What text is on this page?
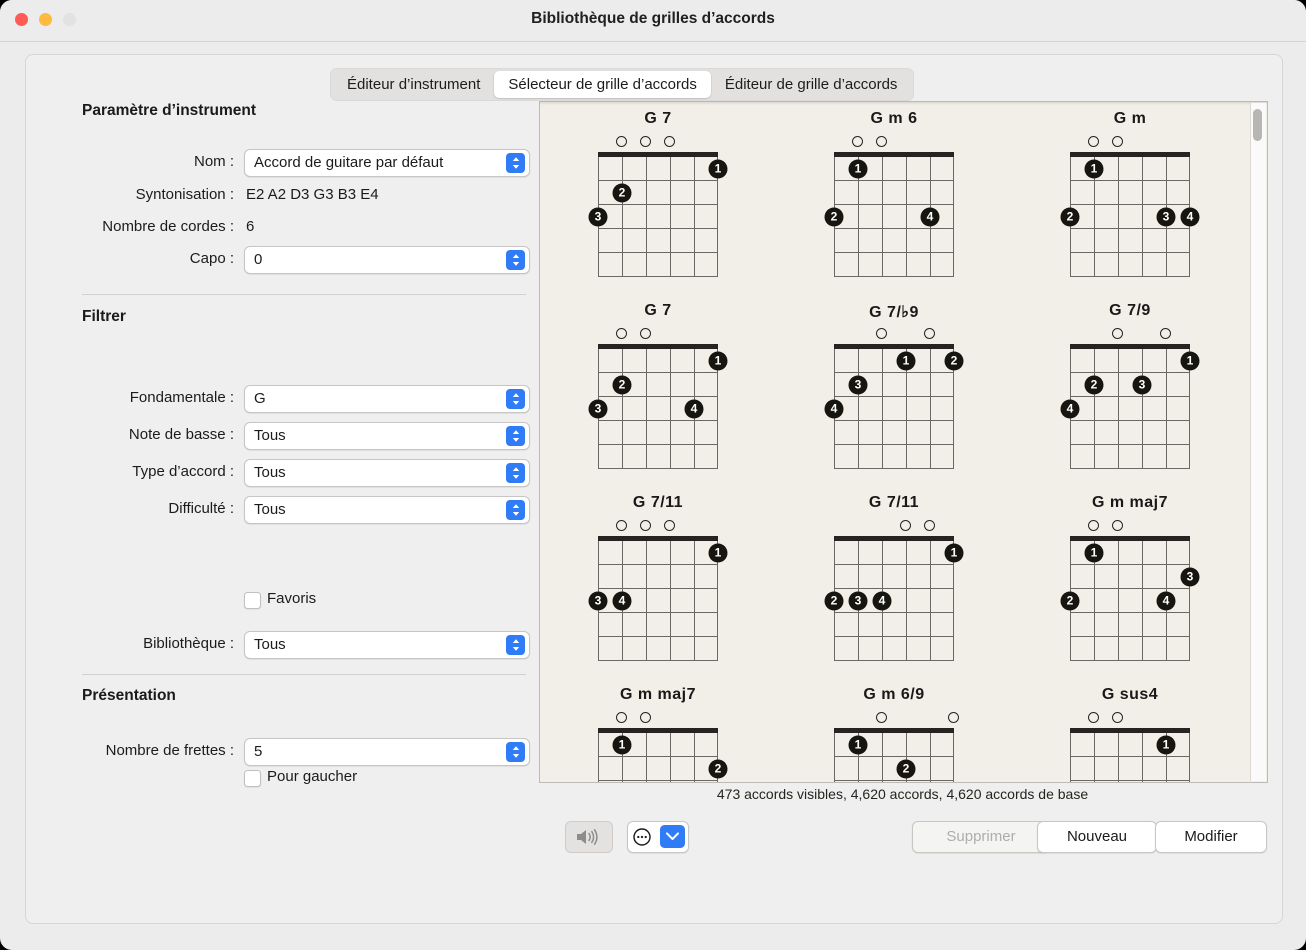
Bibliothèque de grilles d’accords
Éditeur d’instrument	Sélecteur de grille d’accords	Éditeur de grille d’accords
Paramètre d’instrument
Nom : Accord de guitare par défaut
Syntonisation : E2 A2 D3 G3 B3 E4
Nombre de cordes : 6
Capo : 0
Filtrer
Fondamentale : G
Note de basse : Tous
Type d’accord : Tous
Difficulté : Tous
Favoris
Bibliothèque : Tous
Présentation
Nombre de frettes : 5
Pour gaucher
G 7
1
2
3
G m 6
1
2	4
G m
1
2	3	4
G 7
1
2
3	4
G 7/♭9
1	2
3
4
G 7/9
1
2	3
4
G 7/11
1
3	4
G 7/11
1
2	3	4
G m maj7
1
2
3
4
G m maj7
1
2
G m 6/9
1
2
G sus4
1
473 accords visibles, 4,620 accords, 4,620 accords de base
Supprimer	Nouveau	Modifier
